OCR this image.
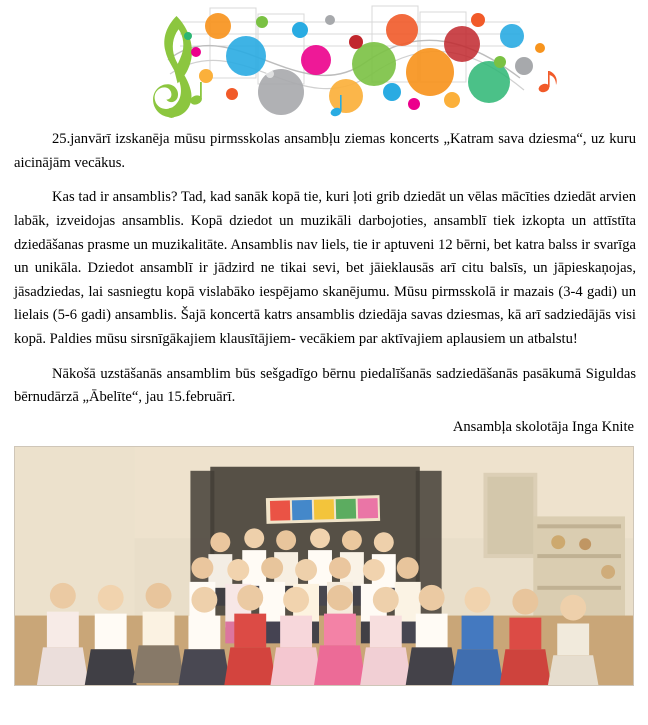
25.janvārī izskanēja mūsu pirmsskolas ansambļu ziemas koncerts „Katram sava dziesma“, uz kuru aicinājām vecākus.

Kas tad ir ansamblis? Tad, kad sanāk kopā tie, kuri ļoti grib dziedāt un vēlas mācīties dziedāt arvien labāk, izveidojas ansamblis. Kopā dziedot un muzikāli darbojoties, ansamblī tiek izkopta un attīstīta dziedāšanas prasme un muzikalitāte. Ansamblis nav liels, tie ir aptuveni 12 bērni, bet katra balss ir svarīga un unikāla. Dziedot ansamblī ir jādzird ne tikai sevi, bet jāieklausās arī citu balsīs, un jāpieskaņojas, jāsadziedas, lai sasniegtu kopā vislabāko iespējamo skanējumu. Mūsu pirmsskolā ir mazais (3-4 gadi) un lielais (5-6 gadi) ansamblis. Šajā koncertā katrs ansamblis dziedāja savas dziesmas, kā arī sadziedājās visi kopā. Paldies mūsu sirsnīgākajiem klausītājiem- vecākiem par aktīvajiem aplausiem un atbalstu!

Nākošā uzstāšanās ansamblim būs sešgadīgo bērnu piedalīšanās sadziedāšanās pasākumā Siguldas bērnudārzā „Ābelīte“, jau 15.februārī.

Ansambļa skolotāja Inga Knite
